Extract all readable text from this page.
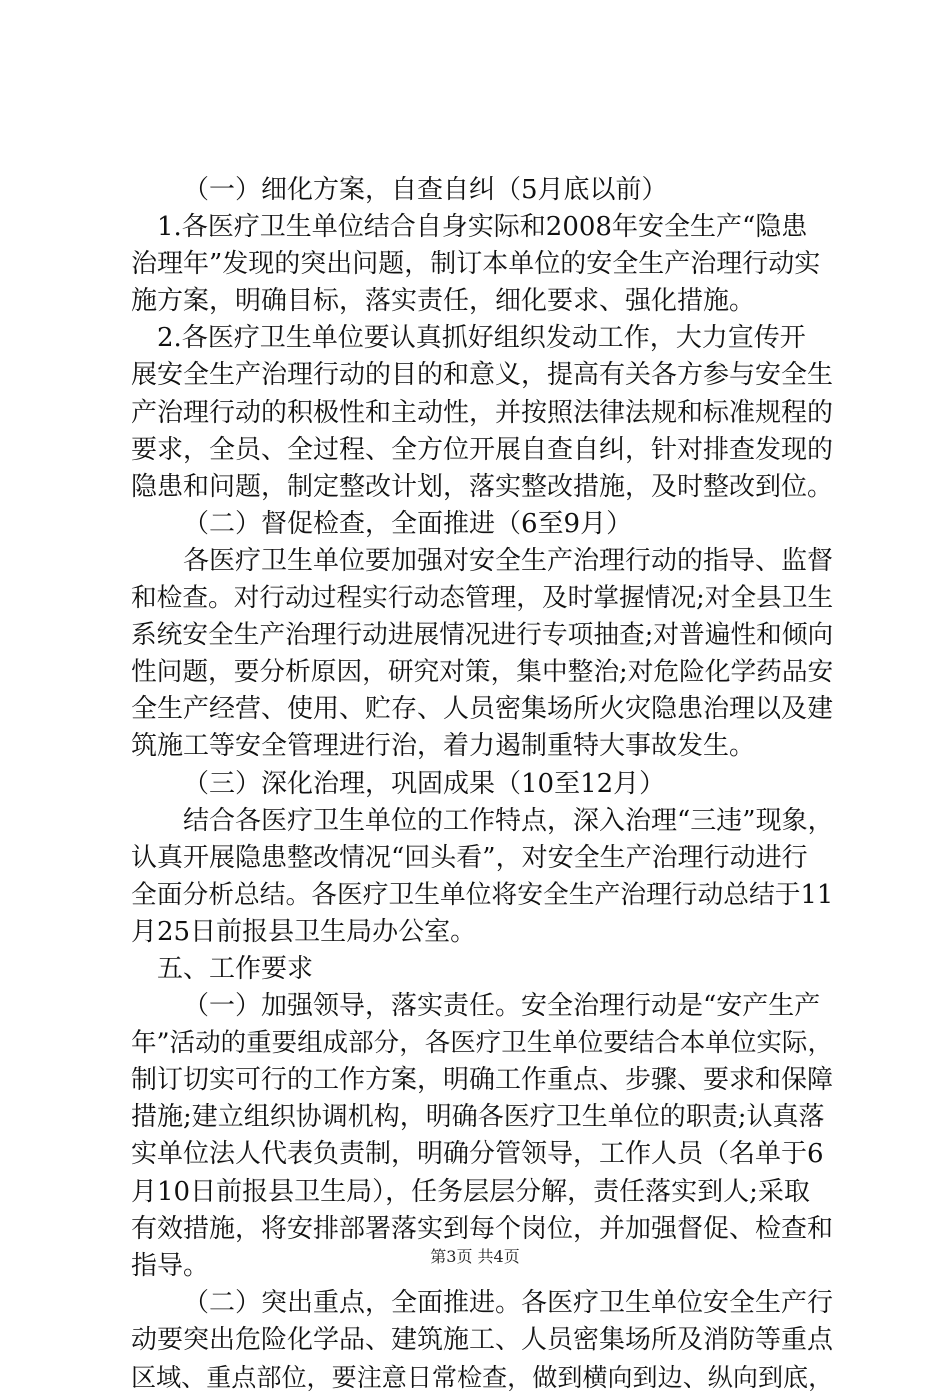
（一）细化方案，自查自纠（5月底以前）
1.各医疗卫生单位结合自身实际和2008年安全生产“隐患
治理年”发现的突出问题，制订本单位的安全生产治理行动实
施方案，明确目标，落实责任，细化要求、强化措施。
2.各医疗卫生单位要认真抓好组织发动工作，大力宣传开
展安全生产治理行动的目的和意义，提高有关各方参与安全生
产治理行动的积极性和主动性，并按照法律法规和标准规程的
要求，全员、全过程、全方位开展自查自纠，针对排查发现的
隐患和问题，制定整改计划，落实整改措施，及时整改到位。
（二）督促检查，全面推进（6至9月）
各医疗卫生单位要加强对安全生产治理行动的指导、监督
和检查。对行动过程实行动态管理，及时掌握情况;对全县卫生
系统安全生产治理行动进展情况进行专项抽查;对普遍性和倾向
性问题，要分析原因，研究对策，集中整治;对危险化学药品安
全生产经营、使用、贮存、人员密集场所火灾隐患治理以及建
筑施工等安全管理进行治，着力遏制重特大事故发生。
（三）深化治理，巩固成果（10至12月）
结合各医疗卫生单位的工作特点，深入治理“三违”现象，
认真开展隐患整改情况“回头看”，对安全生产治理行动进行
全面分析总结。各医疗卫生单位将安全生产治理行动总结于11
月25日前报县卫生局办公室。
五、工作要求
（一）加强领导，落实责任。安全治理行动是“安产生产
年”活动的重要组成部分，各医疗卫生单位要结合本单位实际，
制订切实可行的工作方案，明确工作重点、步骤、要求和保障
措施;建立组织协调机构，明确各医疗卫生单位的职责;认真落
实单位法人代表负责制，明确分管领导，工作人员（名单于6
月10日前报县卫生局），任务层层分解，责任落实到人;采取
有效措施，将安排部署落实到每个岗位，并加强督促、检查和
指导。
（二）突出重点，全面推进。各医疗卫生单位安全生产行
动要突出危险化学品、建筑施工、人员密集场所及消防等重点
区域、重点部位，要注意日常检查，做到横向到边、纵向到底，
第3页 共4页
